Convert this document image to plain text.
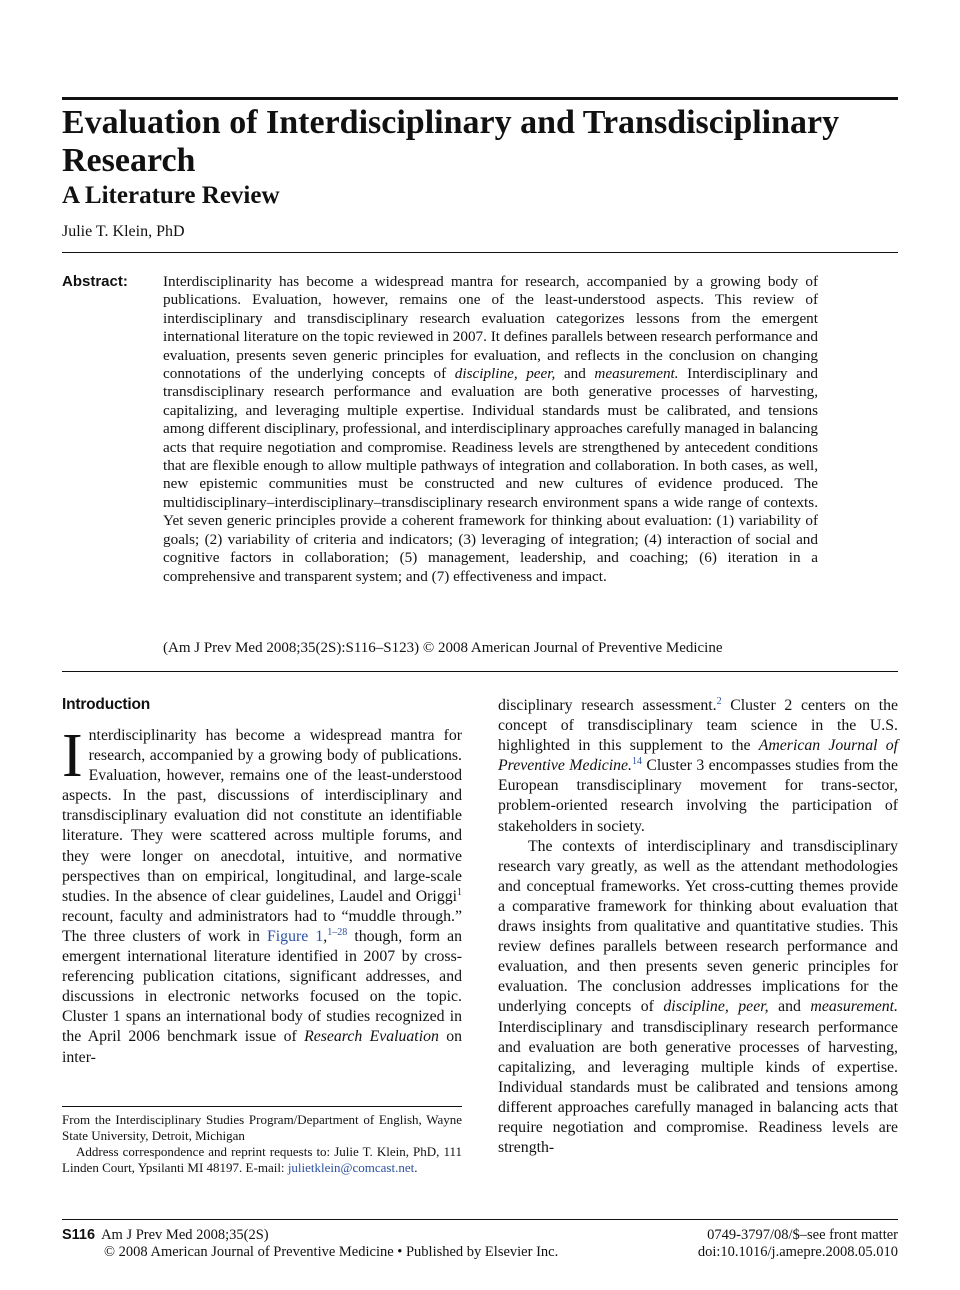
Evaluation of Interdisciplinary and Transdisciplinary Research
A Literature Review
Julie T. Klein, PhD
Abstract: Interdisciplinarity has become a widespread mantra for research, accompanied by a growing body of publications. Evaluation, however, remains one of the least-understood aspects. This review of interdisciplinary and transdisciplinary research evaluation categorizes lessons from the emergent international literature on the topic reviewed in 2007. It defines parallels between research performance and evaluation, presents seven generic principles for evaluation, and reflects in the conclusion on changing connotations of the underlying concepts of discipline, peer, and measurement. Interdisciplinary and transdisciplinary research performance and evaluation are both generative processes of harvesting, capitalizing, and leveraging multiple expertise. Individual standards must be calibrated, and tensions among different disciplinary, professional, and interdisciplinary approaches carefully managed in balancing acts that require negotiation and compromise. Readiness levels are strengthened by antecedent conditions that are flexible enough to allow multiple pathways of integration and collaboration. In both cases, as well, new epistemic communities must be constructed and new cultures of evidence produced. The multidisciplinary–interdisciplinary–transdisciplinary research environment spans a wide range of contexts. Yet seven generic principles provide a coherent framework for thinking about evaluation: (1) variability of goals; (2) variability of criteria and indicators; (3) leveraging of integration; (4) interaction of social and cognitive factors in collaboration; (5) management, leadership, and coaching; (6) iteration in a comprehensive and transparent system; and (7) effectiveness and impact.

(Am J Prev Med 2008;35(2S):S116–S123) © 2008 American Journal of Preventive Medicine
Introduction

Interdisciplinarity has become a widespread mantra for research, accompanied by a growing body of publications. Evaluation, however, remains one of the least-understood aspects. In the past, discussions of interdisciplinary and transdisciplinary evaluation did not constitute an identifiable literature. They were scattered across multiple forums, and they were longer on anecdotal, intuitive, and normative perspectives than on empirical, longitudinal, and large-scale studies. In the absence of clear guidelines, Laudel and Origgi$^1$ recount, faculty and administrators had to “muddle through.” The three clusters of work in Figure 1,$^{1-28}$ though, form an emergent international literature identified in 2007 by cross-referencing publication citations, significant addresses, and discussions in electronic networks focused on the topic. Cluster 1 spans an international body of studies recognized in the April 2006 benchmark issue of Research Evaluation on inter-

disciplinary research assessment.$^2$ Cluster 2 centers on the concept of transdisciplinary team science in the U.S. highlighted in this supplement to the American Journal of Preventive Medicine.$^{14}$ Cluster 3 encompasses studies from the European transdisciplinary movement for trans-sector, problem-oriented research involving the participation of stakeholders in society.

The contexts of interdisciplinary and transdisciplinary research vary greatly, as well as the attendant methodologies and conceptual frameworks. Yet cross-cutting themes provide a comparative framework for thinking about evaluation that draws insights from qualitative and quantitative studies. This review defines parallels between research performance and evaluation, and then presents seven generic principles for evaluation. The conclusion addresses implications for the underlying concepts of discipline, peer, and measurement. Interdisciplinary and transdisciplinary research performance and evaluation are both generative processes of harvesting, capitalizing, and leveraging multiple kinds of expertise. Individual standards must be calibrated and tensions among different approaches carefully managed in balancing acts that require negotiation and compromise. Readiness levels are strength-

From the Interdisciplinary Studies Program/Department of English, Wayne State University, Detroit, Michigan

Address correspondence and reprint requests to: Julie T. Klein, PhD, 111 Linden Court, Ypsilanti MI 48197. E-mail: julietklein@comcast.net.

S116 Am J Prev Med 2008;35(2S)
© 2008 American Journal of Preventive Medicine • Published by Elsevier Inc.
0749-3797/08/$–see front matter
doi:10.1016/j.amepre.2008.05.010
